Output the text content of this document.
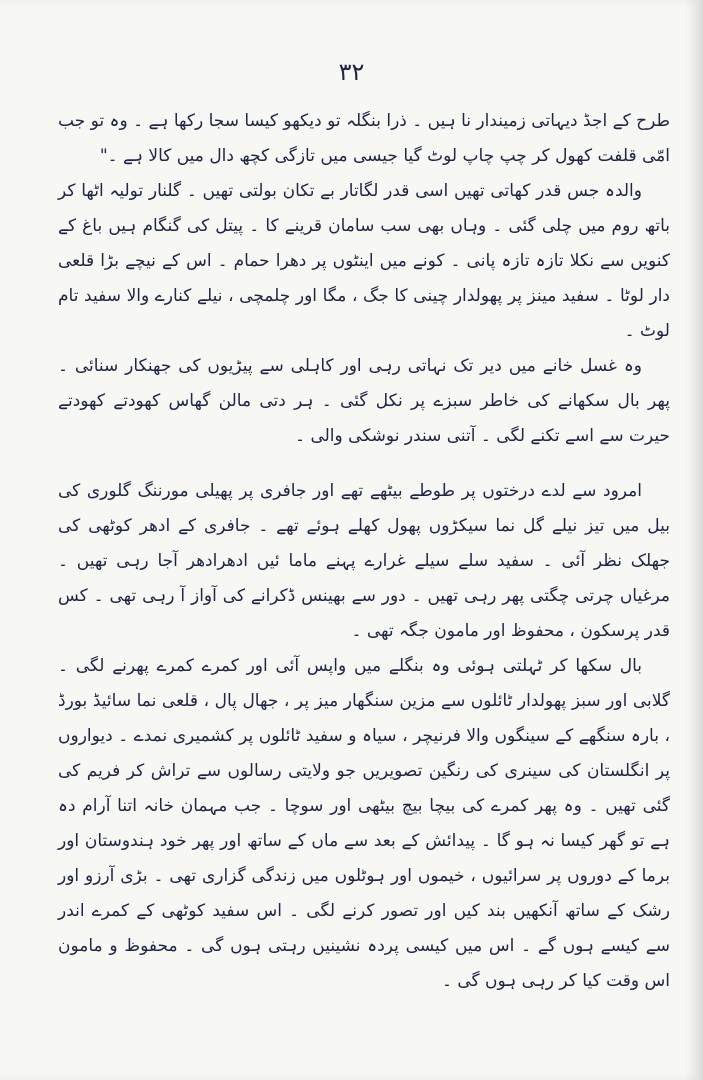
۳۲

طرح کے اجڈ دیہاتی زمیندار نا ہیں ۔ ذرا بنگلہ تو دیکھو کیسا سجا رکھا ہے ۔ وہ تو جب امّی قلفت کھول کر چپ چاپ لوٹ گیا جیسی میں تازگی کچھ دال میں کالا ہے ۔"

والدہ جس قدر کھاتی تھیں اسی قدر لگاتار بے تکان بولتی تھیں ۔ گلنار تولیہ اٹھا کر باتھ روم میں چلی گئی ۔ وہاں بھی سب سامان قرینے کا ۔ پیتل کی گنگام ہیں باغ کے کنویں سے نکلا تازہ تازہ پانی ۔ کونے میں اینٹوں پر دھرا حمام ۔ اس کے نیچے بڑا قلعی دار لوٹا ۔ سفید مینز پر پھولدار چینی کا جگ ، مگا اور چلمچی ، نیلے کنارے والا سفید تام لوٹ ۔

وہ غسل خانے میں دیر تک نہاتی رہی اور کاہلی سے پیڑیوں کی جھنکار سنائی ۔ پھر بال سکھانے کی خاطر سبزے پر نکل گئی ۔ ہر دتی مالن گھاس کھودتے کھودتے حیرت سے اسے تکنے لگی ۔ آتنی سندر نوشکی والی ۔

امرود سے لدے درختوں پر طوطے بیٹھے تھے اور جافری پر پھیلی مورننگ گلوری کی بیل میں تیز نیلے گل نما سیکڑوں پھول کھلے ہوئے تھے ۔ جافری کے ادھر کوٹھی کی جھلک نظر آئی ۔ سفید سلے سیلے غرارے پہنے ماما ئیں ادھرادھر آجا رہی تھیں ۔ مرغیاں چرتی چگتی پھر رہی تھیں ۔ دور سے بھینس ڈکرانے کی آواز آ رہی تھی ۔ کس قدر پرسکون ، محفوظ اور مامون جگہ تھی ۔

بال سکھا کر ٹہلتی ہوئی وہ بنگلے میں واپس آئی اور کمرے کمرے پھرنے لگی ۔ گلابی اور سبز پھولدار ٹائلوں سے مزین سنگھار میز پر ، جھال پال ، قلعی نما سائیڈ بورڈ ، بارہ سنگھے کے سینگوں والا فرنیچر ، سیاہ و سفید ٹائلوں پر کشمیری نمدے ۔ دیواروں پر انگلستان کی سینری کی رنگین تصویریں جو ولایتی رسالوں سے تراش کر فریم کی گئی تھیں ۔ وہ پھر کمرے کی بیچا بیچ بیٹھی اور سوچا ۔ جب مہمان خانہ اتنا آرام دہ ہے تو گھر کیسا نہ ہو گا ۔ پیدائش کے بعد سے ماں کے ساتھ اور پھر خود ہندوستان اور برما کے دوروں پر سرائیوں ، خیموں اور ہوٹلوں میں زندگی گزاری تھی ۔ بڑی آرزو اور رشک کے ساتھ آنکھیں بند کیں اور تصور کرنے لگی ۔ اس سفید کوٹھی کے کمرے اندر سے کیسے ہوں گے ۔ اس میں کیسی پردہ نشینیں رہتی ہوں گی ۔ محفوظ و مامون اس وقت کیا کر رہی ہوں گی ۔
